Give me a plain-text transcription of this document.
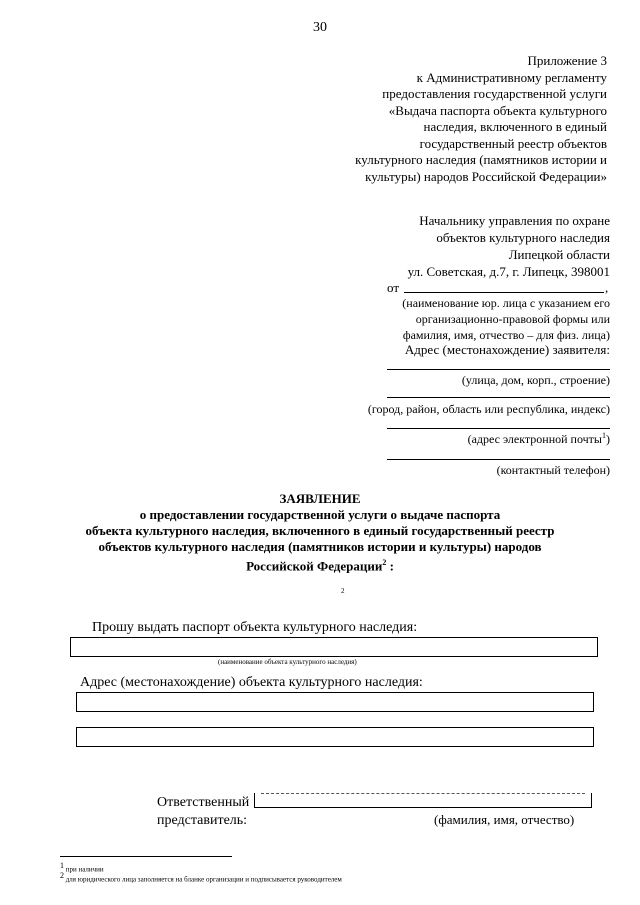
30
Приложение 3
к Административному регламенту
предоставления государственной услуги
«Выдача паспорта объекта культурного
наследия, включенного в единый
государственный реестр объектов
культурного наследия (памятников истории и
культуры) народов Российской Федерации»
Начальнику управления по охране
объектов культурного наследия
Липецкой области
ул. Советская, д.7, г. Липецк, 398001
от	,
(наименование юр. лица с указанием его
организационно-правовой формы или
фамилия, имя, отчество – для физ. лица)
Адрес (местонахождение) заявителя:
(улица, дом, корп., строение)
(город, район, область или республика, индекс)
(адрес электронной почты$^1$)
(контактный телефон)
ЗАЯВЛЕНИЕ
о предоставлении государственной услуги о выдаче паспорта
объекта культурного наследия, включенного в единый государственный реестр
объектов культурного наследия (памятников истории и культуры) народов
Российской Федерации$^2$ :
2
Прошу выдать паспорт объекта культурного наследия:
(наименование объекта культурного наследия)
Адрес (местонахождение) объекта культурного наследия:
Ответственный
представитель:	(фамилия, имя, отчество)
$^1$ при наличии
$^2$ для юридического лица заполняется на бланке организации и подписывается руководителем
